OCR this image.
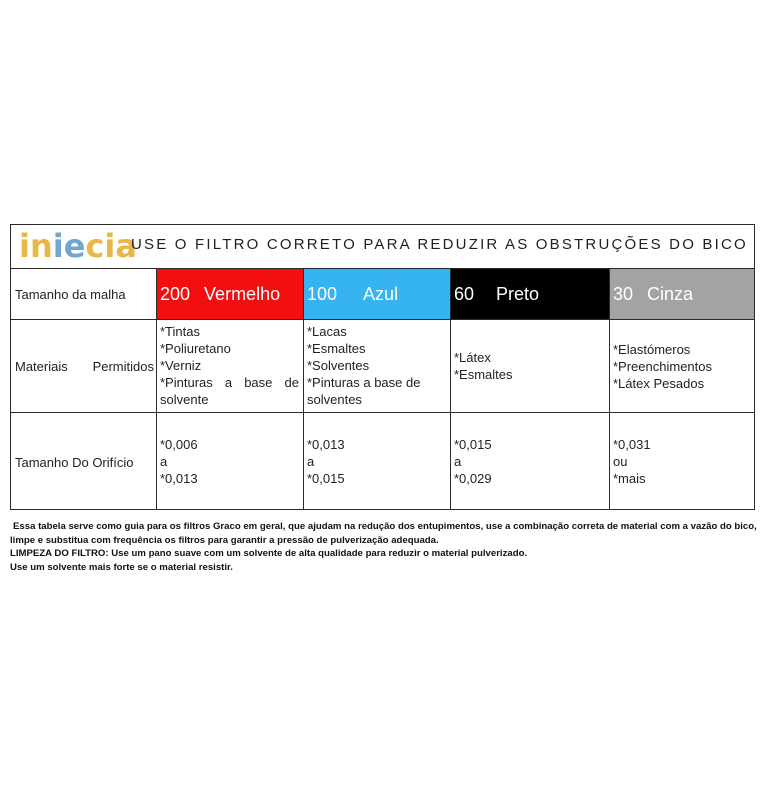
in ie cia
USE O FILTRO CORRETO PARA REDUZIR AS OBSTRUÇÕES DO BICO
Tamanho da malha 200 Vermelho 100 Azul	60 Preto	30 Cinza
Materiais Permitidos
*Tintas
*Poliuretano
*Verniz
*Pinturas a base de
solvente
*Lacas
*Esmaltes
*Solventes
*Pinturas a base de
solventes
*Látex
*Esmaltes
*Elastómeros
*Preenchimentos
*Látex Pesados
Tamanho Do Orifício
*0,006
a
*0,013
*0,013
a
*0,015
*0,015
a
*0,029
*0,031
ou
*mais

Essa tabela serve como guia para os filtros Graco em geral, que ajudam na redução dos entupimentos, use a combinação correta de material com a vazão do bico, limpe e substitua com frequência os filtros para garantir a pressão de pulverização adequada.

LIMPEZA DO FILTRO: Use um pano suave com um solvente de alta qualidade para reduzir o material pulverizado.

Use um solvente mais forte se o material resistir.
